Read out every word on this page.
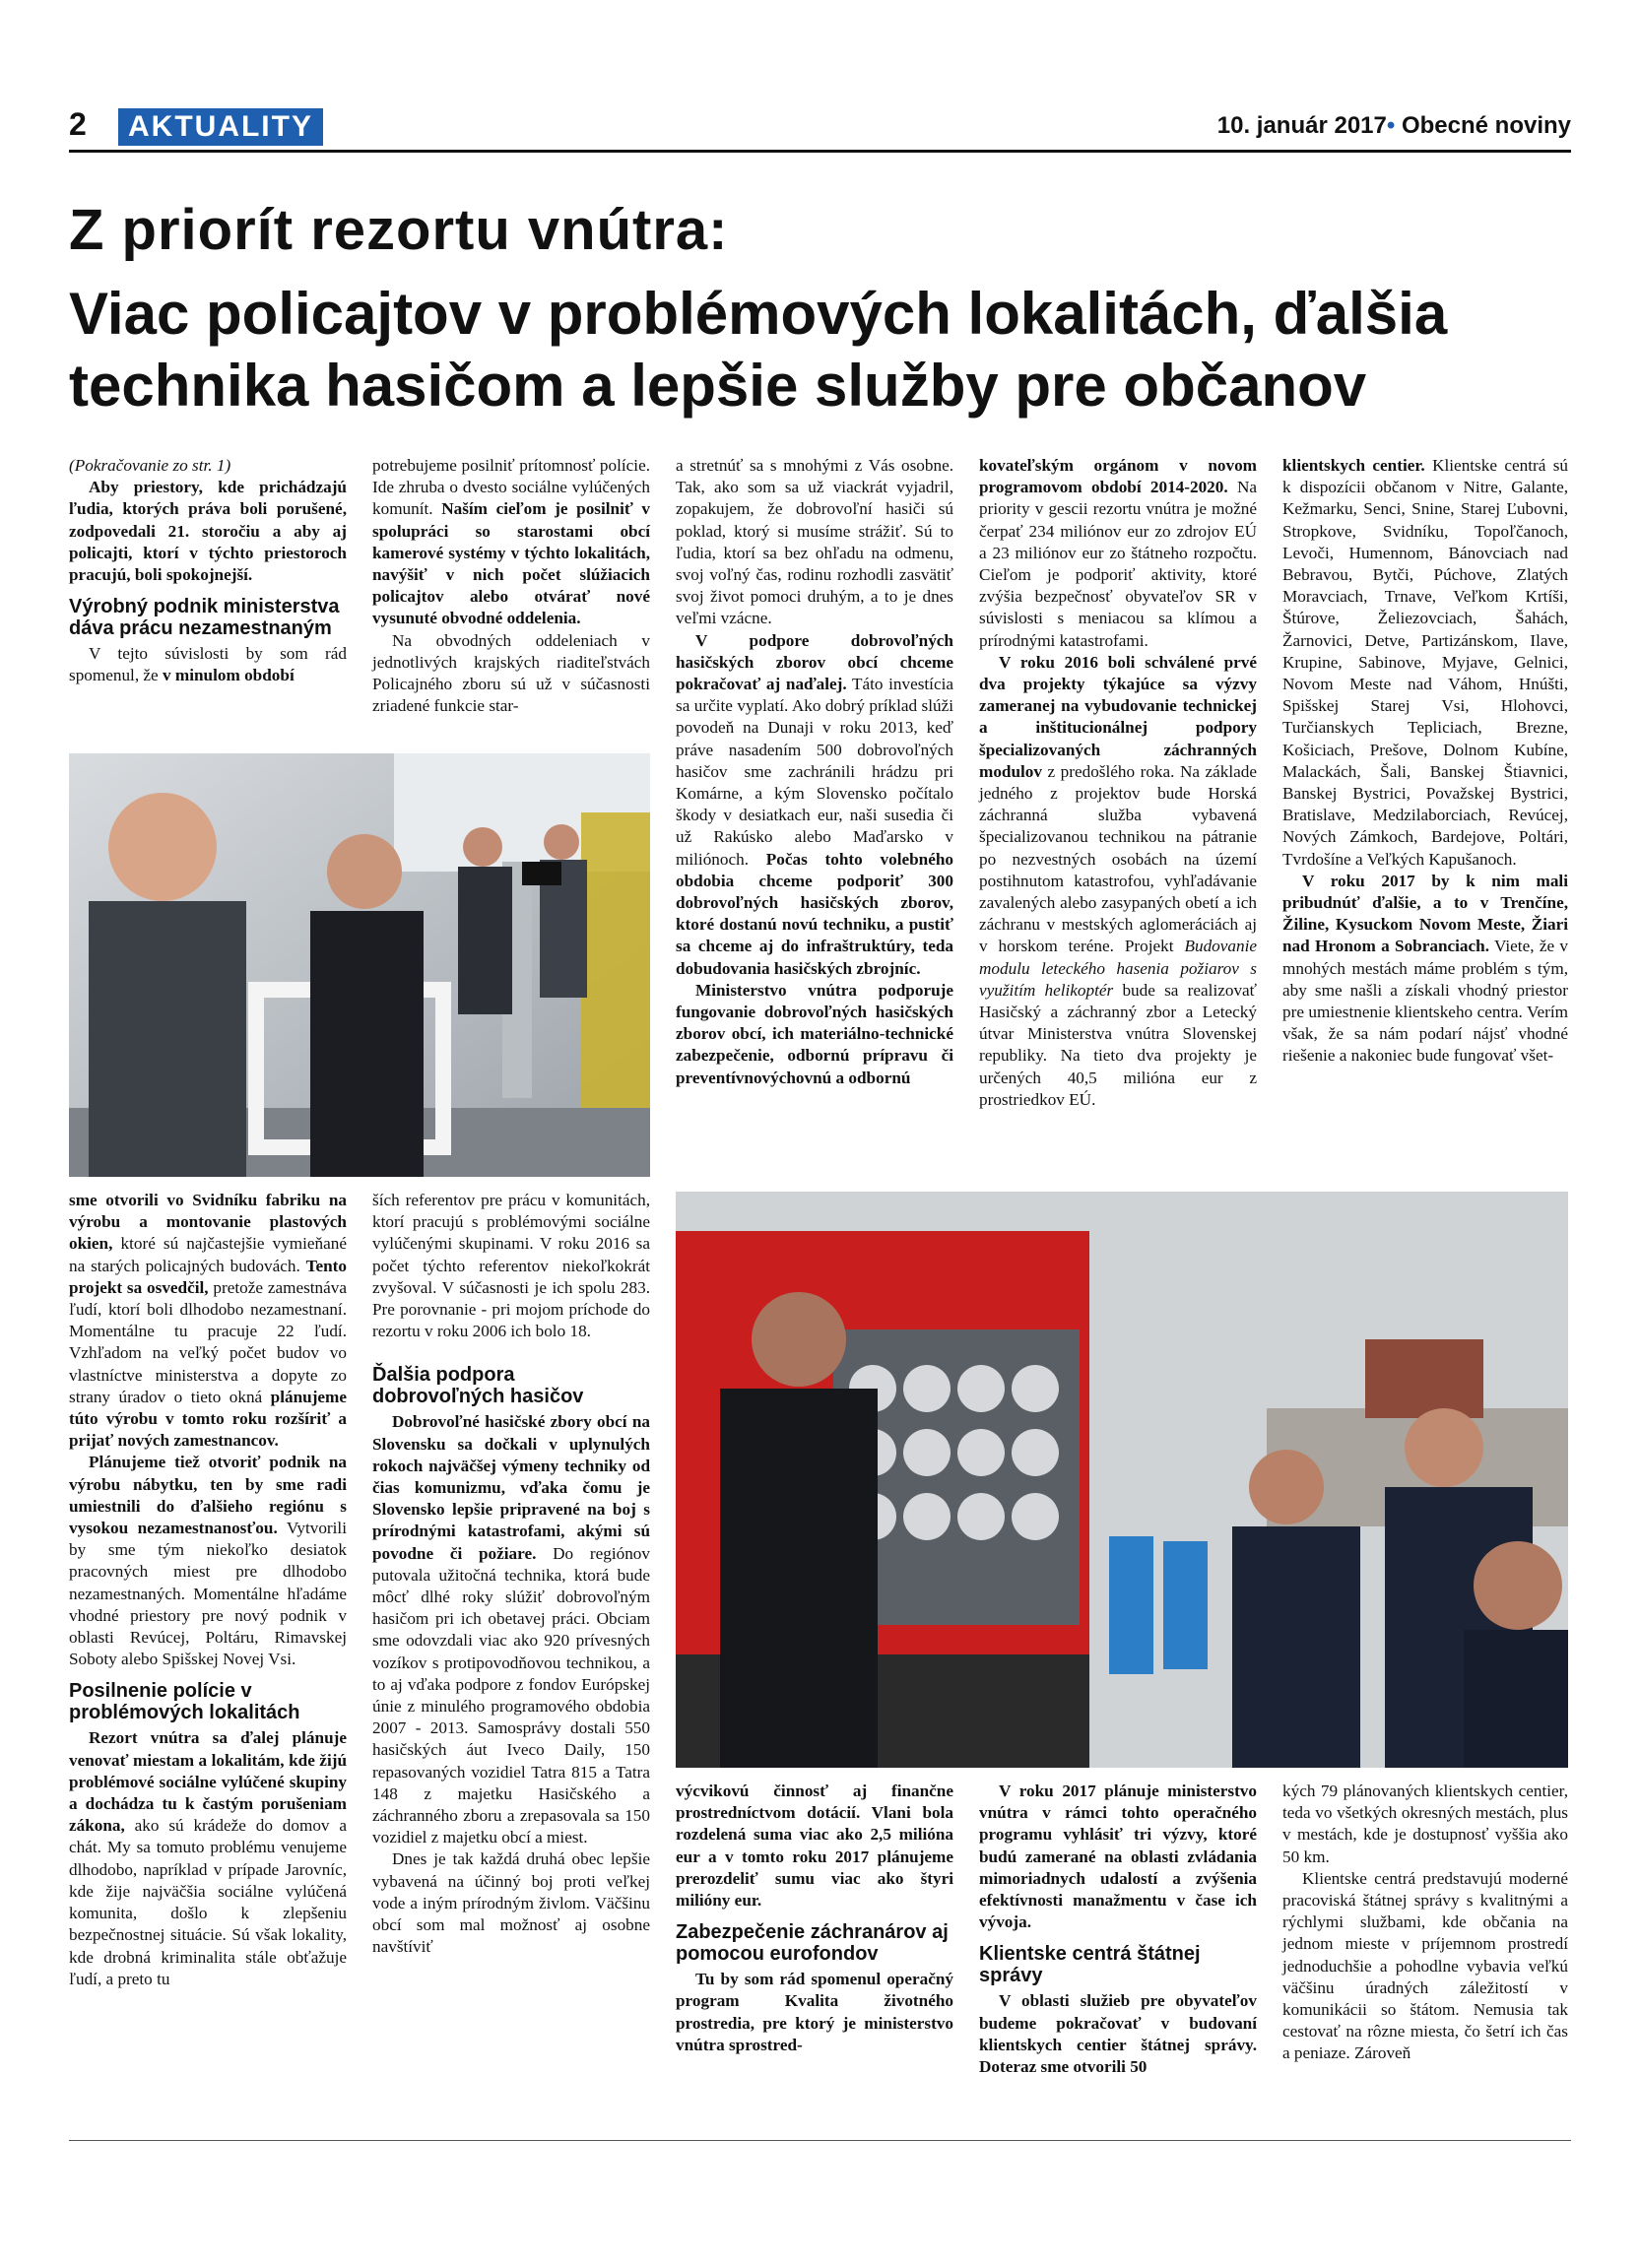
2	AKTUALITY	10. január 2017• Obecné noviny
Z priorít rezortu vnútra:
Viac policajtov v problémových lokalitách, ďalšia technika hasičom a lepšie služby pre občanov

(Pokračovanie zo str. 1)

Aby priestory, kde prichádzajú ľudia, ktorých práva boli porušené, zodpovedali 21. storočiu a aby aj policajti, ktorí v týchto priestoroch pracujú, boli spokojnejší.

Výrobný podnik ministerstva dáva prácu nezamestnaným

V tejto súvislosti by som rád spomenul, že v minulom období

potrebujeme posilniť prítomnosť polície. Ide zhruba o dvesto sociálne vylúčených komunít. Naším cieľom je posilniť v spolupráci so starostami obcí kamerové systémy v týchto lokalitách, navýšiť v nich počet slúžiacich policajtov alebo otvárať nové vysunuté obvodné oddelenia.

Na obvodných oddeleniach v jednotlivých krajských riaditeľstvách Policajného zboru sú už v súčasnosti zriadené funkcie star-

a stretnúť sa s mnohými z Vás osobne. Tak, ako som sa už viackrát vyjadril, zopakujem, že dobrovoľní hasiči sú poklad, ktorý si musíme strážiť. Sú to ľudia, ktorí sa bez ohľadu na odmenu, svoj voľný čas, rodinu rozhodli zasvätiť svoj život pomoci druhým, a to je dnes veľmi vzácne.

V podpore dobrovoľných hasičských zborov obcí chceme pokračovať aj naďalej. Táto investícia sa určite vyplatí. Ako dobrý príklad slúži povodeň na Dunaji v roku 2013, keď práve nasadením 500 dobrovoľných hasičov sme zachránili hrádzu pri Komárne, a kým Slovensko počítalo škody v desiatkach eur, naši susedia či už Rakúsko alebo Maďarsko v miliónoch. Počas tohto volebného obdobia chceme podporiť 300 dobrovoľných hasičských zborov, ktoré dostanú novú techniku, a pustiť sa chceme aj do infraštruktúry, teda dobudovania hasičských zbrojníc.

Ministerstvo vnútra podporuje fungovanie dobrovoľných hasičských zborov obcí, ich materiálno-technické zabezpečenie, odbornú prípravu či preventívnovýchovnú a odbornú

kovateľským orgánom v novom programovom období 2014-2020. Na priority v gescii rezortu vnútra je možné čerpať 234 miliónov eur zo zdrojov EÚ a 23 miliónov eur zo štátneho rozpočtu. Cieľom je podporiť aktivity, ktoré zvýšia bezpečnosť obyvateľov SR v súvislosti s meniacou sa klímou a prírodnými katastrofami.

V roku 2016 boli schválené prvé dva projekty týkajúce sa výzvy zameranej na vybudovanie technickej a inštitucionálnej podpory špecializovaných záchranných modulov z predošlého roka. Na základe jedného z projektov bude Horská záchranná služba vybavená špecializovanou technikou na pátranie po nezvestných osobách na území postihnutom katastrofou, vyhľadávanie zavalených alebo zasypaných obetí a ich záchranu v mestských aglomeráciách aj v horskom teréne. Projekt Budovanie modulu leteckého hasenia požiarov s využitím helikoptér bude sa realizovať Hasičský a záchranný zbor a Letecký útvar Ministerstva vnútra Slovenskej republiky. Na tieto dva projekty je určených 40,5 milióna eur z prostriedkov EÚ.

klientskych centier. Klientske centrá sú k dispozícii občanom v Nitre, Galante, Kežmarku, Senci, Snine, Starej Ľubovni, Stropkove, Svidníku, Topoľčanoch, Levoči, Humennom, Bánovciach nad Bebravou, Bytči, Púchove, Zlatých Moravciach, Trnave, Veľkom Krtíši, Štúrove, Želiezovciach, Šahách, Žarnovici, Detve, Partizánskom, Ilave, Krupine, Sabinove, Myjave, Gelnici, Novom Meste nad Váhom, Hnúšti, Spišskej Starej Vsi, Hlohovci, Turčianskych Tepliciach, Brezne, Košiciach, Prešove, Dolnom Kubíne, Malackách, Šali, Banskej Štiavnici, Banskej Bystrici, Považskej Bystrici, Bratislave, Medzilaborciach, Revúcej, Nových Zámkoch, Bardejove, Poltári, Tvrdošíne a Veľkých Kapušanoch.

V roku 2017 by k nim mali pribudnúť ďalšie, a to v Trenčíne, Žiline, Kysuckom Novom Meste, Žiari nad Hronom a Sobranciach. Viete, že v mnohých mestách máme problém s tým, aby sme našli a získali vhodný priestor pre umiestnenie klientskeho centra. Verím však, že sa nám podarí nájsť vhodné riešenie a nakoniec bude fungovať všet-

sme otvorili vo Svidníku fabriku na výrobu a montovanie plastových okien, ktoré sú najčastejšie vymieňané na starých policajných budovách. Tento projekt sa osvedčil, pretože zamestnáva ľudí, ktorí boli dlhodobo nezamestnaní. Momentálne tu pracuje 22 ľudí. Vzhľadom na veľký počet budov vo vlastníctve ministerstva a dopyte zo strany úradov o tieto okná plánujeme túto výrobu v tomto roku rozšíriť a prijať nových zamestnancov.

Plánujeme tiež otvoriť podnik na výrobu nábytku, ten by sme radi umiestnili do ďalšieho regiónu s vysokou nezamestnanosťou. Vytvorili by sme tým niekoľko desiatok pracovných miest pre dlhodobo nezamestnaných. Momentálne hľadáme vhodné priestory pre nový podnik v oblasti Revúcej, Poltáru, Rimavskej Soboty alebo Spišskej Novej Vsi.

Posilnenie polície v problémových lokalitách

Rezort vnútra sa ďalej plánuje venovať miestam a lokalitám, kde žijú problémové sociálne vylúčené skupiny a dochádza tu k častým porušeniam zákona, ako sú krádeže do domov a chát. My sa tomuto problému venujeme dlhodobo, napríklad v prípade Jarovníc, kde žije najväčšia sociálne vylúčená komunita, došlo k zlepšeniu bezpečnostnej situácie. Sú však lokality, kde drobná kriminalita stále obťažuje ľudí, a preto tu

ších referentov pre prácu v komunitách, ktorí pracujú s problémovými sociálne vylúčenými skupinami. V roku 2016 sa počet týchto referentov niekoľkokrát zvyšoval. V súčasnosti je ich spolu 283. Pre porovnanie - pri mojom príchode do rezortu v roku 2006 ich bolo 18.

Ďalšia podpora dobrovoľných hasičov

Dobrovoľné hasičské zbory obcí na Slovensku sa dočkali v uplynulých rokoch najväčšej výmeny techniky od čias komunizmu, vďaka čomu je Slovensko lepšie pripravené na boj s prírodnými katastrofami, akými sú povodne či požiare. Do regiónov putovala užitočná technika, ktorá bude môcť dlhé roky slúžiť dobrovoľným hasičom pri ich obetavej práci. Obciam sme odovzdali viac ako 920 prívesných vozíkov s protipovodňovou technikou, a to aj vďaka podpore z fondov Európskej únie z minulého programového obdobia 2007 - 2013. Samosprávy dostali 550 hasičských áut Iveco Daily, 150 repasovaných vozidiel Tatra 815 a Tatra 148 z majetku Hasičského a záchranného zboru a zrepasovala sa 150 vozidiel z majetku obcí a miest.

Dnes je tak každá druhá obec lepšie vybavená na účinný boj proti veľkej vode a iným prírodným živlom. Väčšinu obcí som mal možnosť aj osobne navštíviť

výcvikovú činnosť aj finančne prostredníctvom dotácií. Vlani bola rozdelená suma viac ako 2,5 milióna eur a v tomto roku 2017 plánujeme prerozdeliť sumu viac ako štyri milióny eur.

Zabezpečenie záchranárov aj pomocou eurofondov

Tu by som rád spomenul operačný program Kvalita životného prostredia, pre ktorý je ministerstvo vnútra sprostred-

V roku 2017 plánuje ministerstvo vnútra v rámci tohto operačného programu vyhlásiť tri výzvy, ktoré budú zamerané na oblasti zvládania mimoriadnych udalostí a zvýšenia efektívnosti manažmentu v čase ich vývoja.

Klientske centrá štátnej správy

V oblasti služieb pre obyvateľov budeme pokračovať v budovaní klientskych centier štátnej správy. Doteraz sme otvorili 50

kých 79 plánovaných klientskych centier, teda vo všetkých okresných mestách, plus v mestách, kde je dostupnosť vyššia ako 50 km.

Klientske centrá predstavujú moderné pracoviská štátnej správy s kvalitnými a rýchlymi službami, kde občania na jednom mieste v príjemnom prostredí jednoduchšie a pohodlne vybavia veľkú väčšinu úradných záležitostí v komunikácii so štátom. Nemusia tak cestovať na rôzne miesta, čo šetrí ich čas a peniaze. Zároveň
